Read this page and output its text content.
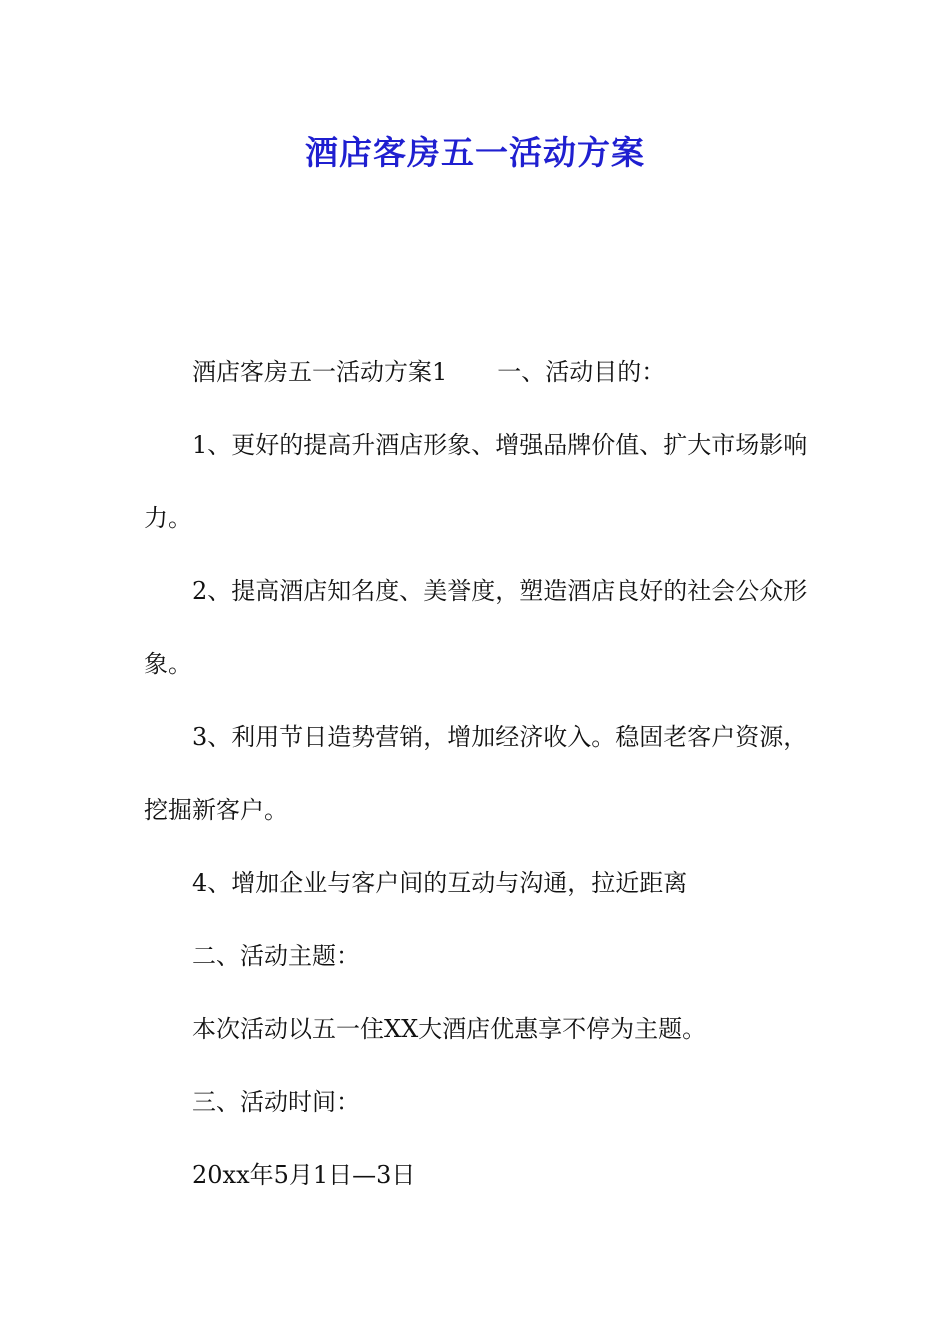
酒店客房五一活动方案

酒店客房五一活动方案1 一、活动目的：

1、更好的提高升酒店形象、增强品牌价值、扩大市场影响力。

2、提高酒店知名度、美誉度，塑造酒店良好的社会公众形象。

3、利用节日造势营销，增加经济收入。稳固老客户资源，挖掘新客户。

4、增加企业与客户间的互动与沟通，拉近距离

二、活动主题：

本次活动以五一住XX大酒店优惠享不停为主题。

三、活动时间：

20xx年5月1日—3日
